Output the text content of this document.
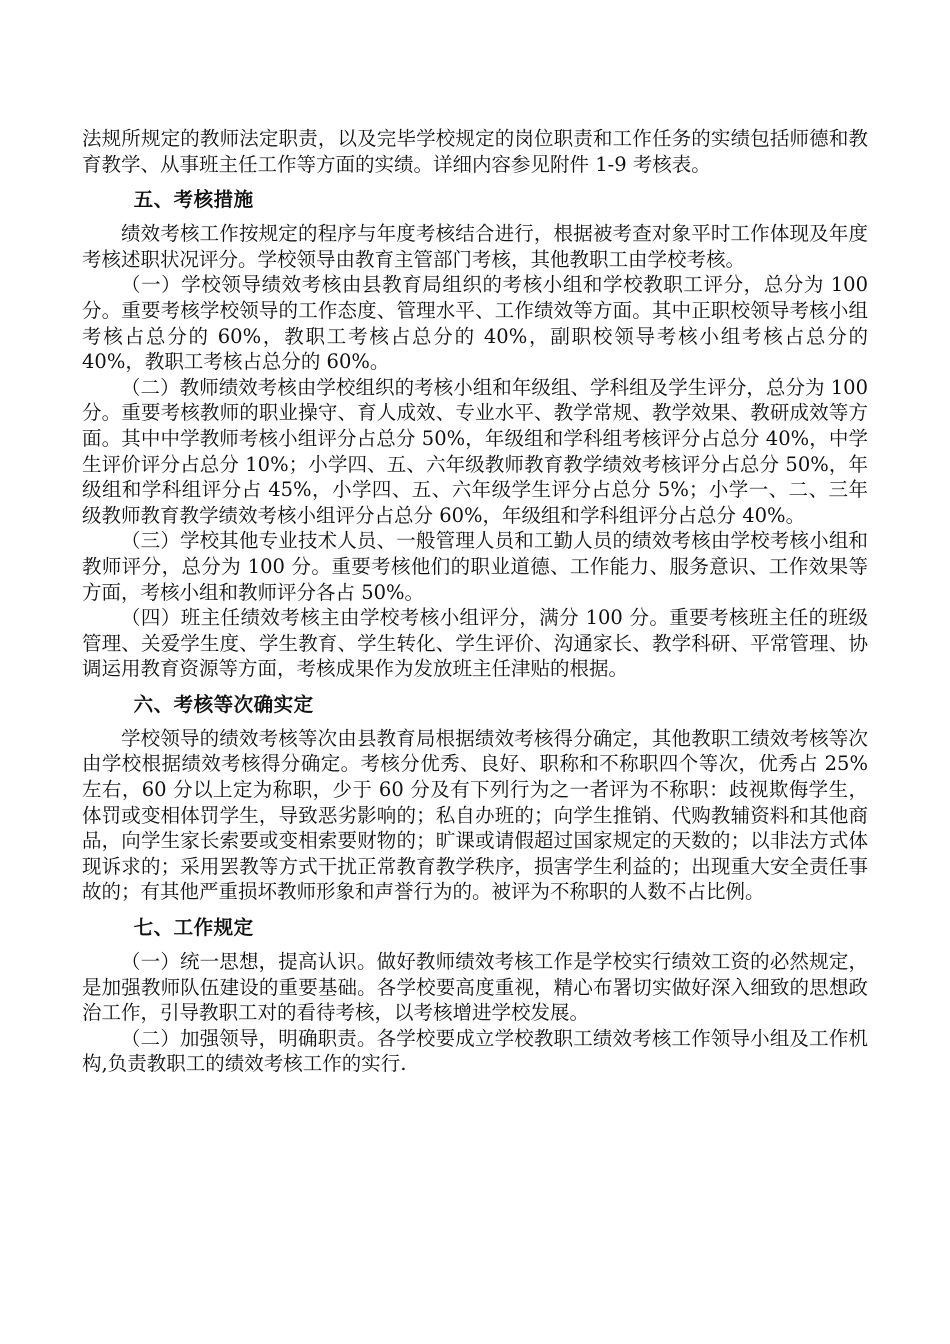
法规所规定的教师法定职责，以及完毕学校规定的岗位职责和工作任务的实绩包括师德和教育教学、从事班主任工作等方面的实绩。详细内容参见附件 1-9 考核表。

五、考核措施

绩效考核工作按规定的程序与年度考核结合进行，根据被考查对象平时工作体现及年度考核述职状况评分。学校领导由教育主管部门考核，其他教职工由学校考核。

（一）学校领导绩效考核由县教育局组织的考核小组和学校教职工评分，总分为 100 分。重要考核学校领导的工作态度、管理水平、工作绩效等方面。其中正职校领导考核小组考核占总分的 60%，教职工考核占总分的 40%，副职校领导考核小组考核占总分的 40%，教职工考核占总分的 60%。

（二）教师绩效考核由学校组织的考核小组和年级组、学科组及学生评分，总分为 100 分。重要考核教师的职业操守、育人成效、专业水平、教学常规、教学效果、教研成效等方面。其中中学教师考核小组评分占总分 50%，年级组和学科组考核评分占总分 40%，中学生评价评分占总分 10%；小学四、五、六年级教师教育教学绩效考核评分占总分 50%，年级组和学科组评分占 45%，小学四、五、六年级学生评分占总分 5%；小学一、二、三年级教师教育教学绩效考核小组评分占总分 60%，年级组和学科组评分占总分 40%。

（三）学校其他专业技术人员、一般管理人员和工勤人员的绩效考核由学校考核小组和教师评分，总分为 100 分。重要考核他们的职业道德、工作能力、服务意识、工作效果等方面，考核小组和教师评分各占 50%。

（四）班主任绩效考核主由学校考核小组评分，满分 100 分。重要考核班主任的班级管理、关爱学生度、学生教育、学生转化、学生评价、沟通家长、教学科研、平常管理、协调运用教育资源等方面，考核成果作为发放班主任津贴的根据。

六、考核等次确实定

学校领导的绩效考核等次由县教育局根据绩效考核得分确定，其他教职工绩效考核等次由学校根据绩效考核得分确定。考核分优秀、良好、职称和不称职四个等次，优秀占 25%左右，60 分以上定为称职，少于 60 分及有下列行为之一者评为不称职：歧视欺侮学生，体罚或变相体罚学生，导致恶劣影响的；私自办班的；向学生推销、代购教辅资料和其他商品，向学生家长索要或变相索要财物的；旷课或请假超过国家规定的天数的；以非法方式体现诉求的；采用罢教等方式干扰正常教育教学秩序，损害学生利益的；出现重大安全责任事故的；有其他严重损坏教师形象和声誉行为的。被评为不称职的人数不占比例。

七、工作规定

（一）统一思想，提高认识。做好教师绩效考核工作是学校实行绩效工资的必然规定，是加强教师队伍建设的重要基础。各学校要高度重视，精心布署切实做好深入细致的思想政治工作，引导教职工对的看待考核，以考核增进学校发展。

（二）加强领导，明确职责。各学校要成立学校教职工绩效考核工作领导小组及工作机构,负责教职工的绩效考核工作的实行.
